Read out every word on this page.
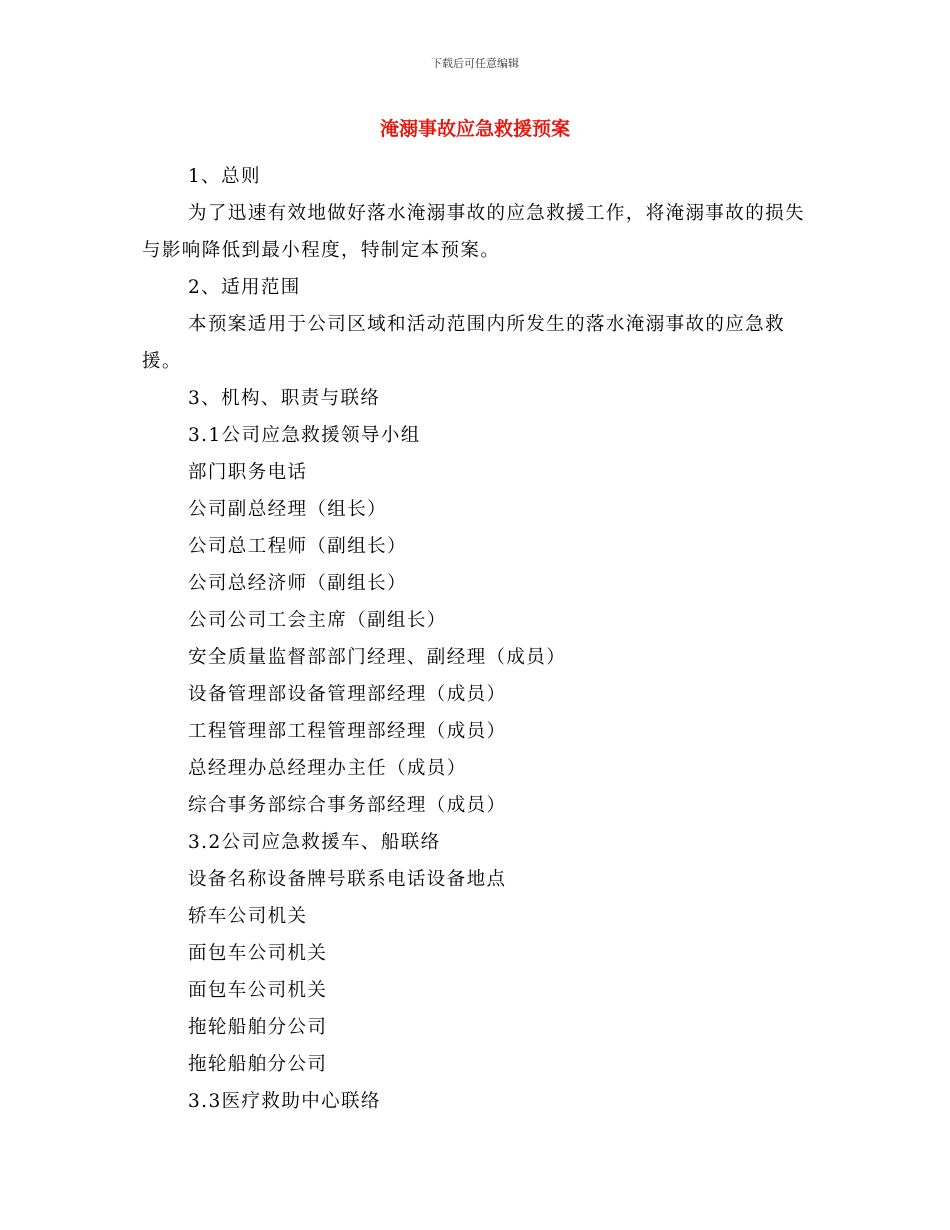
下载后可任意编辑
淹溺事故应急救援预案

1、总则

为了迅速有效地做好落水淹溺事故的应急救援工作，将淹溺事故的损失与影响降低到最小程度，特制定本预案。

2、适用范围

本预案适用于公司区域和活动范围内所发生的落水淹溺事故的应急救援。

3、机构、职责与联络

3.1公司应急救援领导小组

部门职务电话

公司副总经理（组长）

公司总工程师（副组长）

公司总经济师（副组长）

公司公司工会主席（副组长）

安全质量监督部部门经理、副经理（成员）

设备管理部设备管理部经理（成员）

工程管理部工程管理部经理（成员）

总经理办总经理办主任（成员）

综合事务部综合事务部经理（成员）

3.2公司应急救援车、船联络

设备名称设备牌号联系电话设备地点

轿车公司机关

面包车公司机关

面包车公司机关

拖轮船舶分公司

拖轮船舶分公司

3.3医疗救助中心联络
